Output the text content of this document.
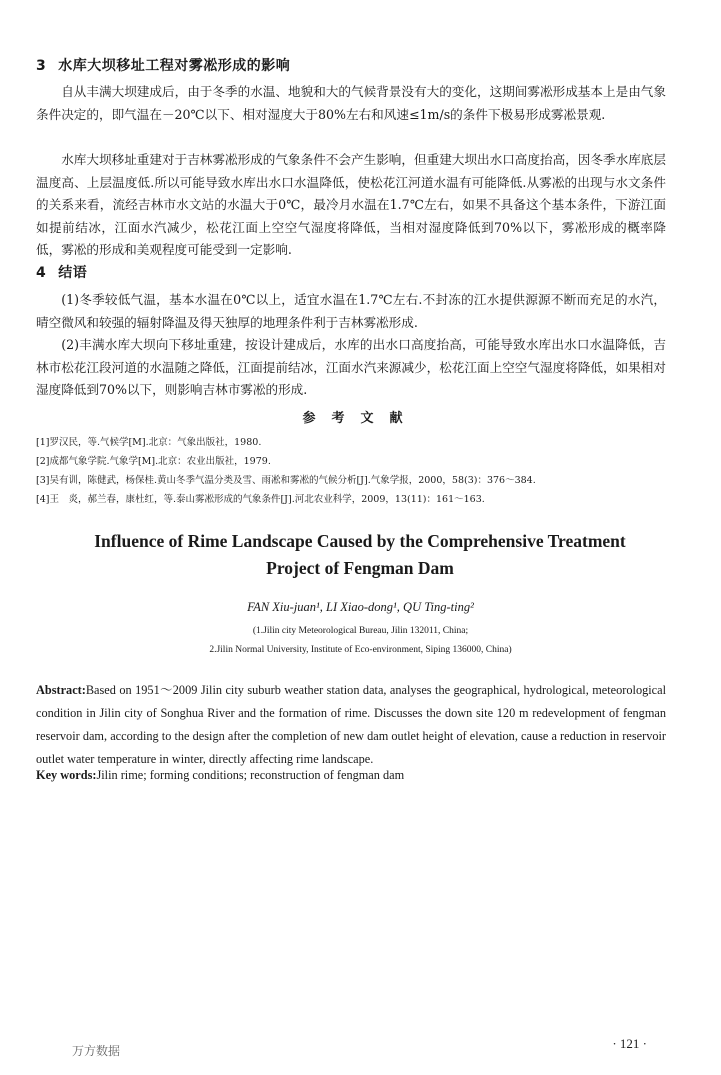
3 水库大坝移址工程对雾凇形成的影响

自从丰满大坝建成后，由于冬季的水温、地貌和大的气候背景没有大的变化，这期间雾凇形成基本上是由气象条件决定的，即气温在－20℃以下、相对湿度大于80%左右和风速≤1m/s的条件下极易形成雾凇景观.

水库大坝移址重建对于吉林雾凇形成的气象条件不会产生影响，但重建大坝出水口高度抬高，因冬季水库底层温度高、上层温度低.所以可能导致水库出水口水温降低，使松花江河道水温有可能降低.从雾凇的出现与水文条件的关系来看，流经吉林市水文站的水温大于0℃，最冷月水温在1.7℃左右，如果不具备这个基本条件，下游江面如提前结冰，江面水汽减少，松花江面上空空气湿度将降低，当相对湿度降低到70%以下，雾凇形成的概率降低，雾凇的形成和美观程度可能受到一定影响.

4 结语

(1)冬季较低气温，基本水温在0℃以上，适宜水温在1.7℃左右.不封冻的江水提供源源不断而充足的水汽，晴空微风和较强的辐射降温及得天独厚的地理条件利于吉林雾凇形成.

(2)丰满水库大坝向下移址重建，按设计建成后，水库的出水口高度抬高，可能导致水库出水口水温降低，吉林市松花江段河道的水温随之降低，江面提前结冰，江面水汽来源减少，松花江面上空空气湿度将降低，如果相对湿度降低到70%以下，则影响吉林市雾凇的形成.

参考文献
[1]罗汉民，等.气候学[M].北京：气象出版社，1980.
[2]成都气象学院.气象学[M].北京：农业出版社，1979.
[3]吴有训，陈健武，杨保桂.黄山冬季气温分类及雪、雨凇和雾凇的气候分析[J].气象学报，2000，58(3)：376～384.
[4]王　炎，郝兰春，康杜红，等.泰山雾凇形成的气象条件[J].河北农业科学，2009，13(11)：161～163.
Influence of Rime Landscape Caused by the Comprehensive Treatment
Project of Fengman Dam
FAN Xiu-juan¹, LI Xiao-dong¹, QU Ting-ting²
(1.Jilin city Meteorological Bureau, Jilin 132011, China;
2.Jilin Normal University, Institute of Eco-environment, Siping 136000, China)

Abstract:Based on 1951～2009 Jilin city suburb weather station data, analyses the geographical, hydrological, meteorological condition in Jilin city of Songhua River and the formation of rime. Discusses the down site 120 m redevelopment of fengman reservoir dam, according to the design after the completion of new dam outlet height of elevation, cause a reduction in reservoir outlet water temperature in winter, directly affecting rime landscape.

Key words:Jilin rime; forming conditions; reconstruction of fengman dam

· 121 ·
万方数据
